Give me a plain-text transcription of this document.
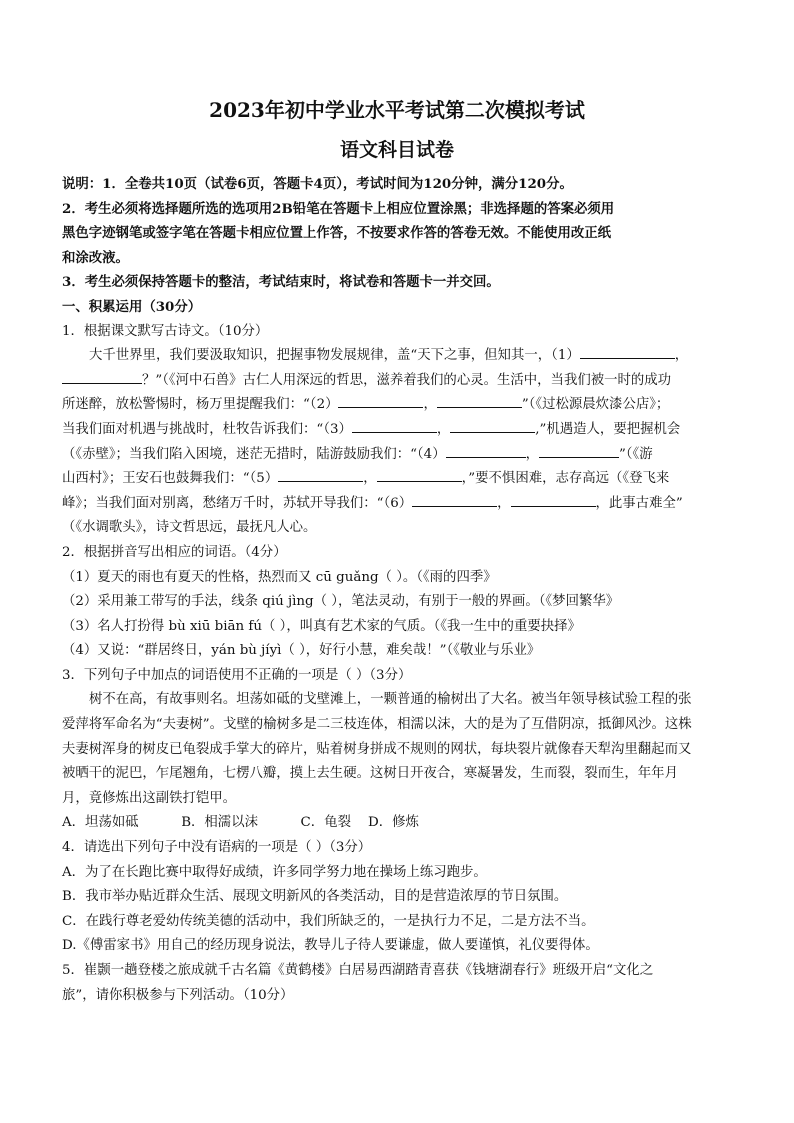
2023年初中学业水平考试第二次模拟考试
语文科目试卷
说明：1．全卷共10页（试卷6页，答题卡4页），考试时间为120分钟，满分120分。
2．考生必须将选择题所选的选项用2B铅笔在答题卡上相应位置涂黑；非选择题的答案必须用
黑色字迹钢笔或签字笔在答题卡相应位置上作答，不按要求作答的答卷无效。不能使用改正纸
和涂改液。
3．考生必须保持答题卡的整洁，考试结束时，将试卷和答题卡一并交回。
一、积累运用（30分）
1．根据课文默写古诗文。（10分）
大千世界里，我们要汲取知识，把握事物发展规律，盖“天下之事，但知其一，（1）	，
？”（《河中石兽》古仁人用深远的哲思，滋养着我们的心灵。生活中，当我们被一时的成功
所迷醉，放松警惕时，杨万里提醒我们：“（2）	，	”（《过松源晨炊漆公店》；
当我们面对机遇与挑战时，杜牧告诉我们：“（3）	，	,”机遇造人，要把握机会
（《赤壁》；当我们陷入困境，迷茫无措时，陆游鼓励我们：“（4）	，	”（《游
山西村》；王安石也鼓舞我们：“（5）	，	，”要不惧困难，志存高远（《登飞来
峰》；当我们面对别离，愁绪万千时，苏轼开导我们：“（6）	，	，此事古难全”
（《水调歌头》，诗文哲思远，最抚凡人心。
2．根据拼音写出相应的词语。（4分）
（1）夏天的雨也有夏天的性格，热烈而又 cū guǎng（ ）。（《雨的四季》
（2）采用兼工带写的手法，线条 qiú jìng（ ），笔法灵动，有别于一般的界画。（《梦回繁华》
（3）名人打扮得 bù xiū biān fú（ ），叫真有艺术家的气质。（《我一生中的重要抉择》
（4）又说：“群居终日，yán bù jíyì（ ），好行小慧，难矣哉！”（《敬业与乐业》
3．下列句子中加点的词语使用不正确的一项是（ ）（3分）
树不在高，有故事则名。坦荡如砥的戈壁滩上，一颗普通的榆树出了大名。被当年领导核试验工程的张
爱萍将军命名为“夫妻树”。戈壁的榆树多是二三枝连体，相濡以沫，大的是为了互借阴凉，抵御风沙。这株
夫妻树浑身的树皮已龟裂成手掌大的碎片，贴着树身拼成不规则的网状，每块裂片就像春天犁沟里翻起而又
被晒干的泥巴，乍尾翘角，七楞八瓣，摸上去生硬。这树日开夜合，寒凝暑发，生而裂，裂而生，年年月
月，竟修炼出这副铁打铠甲。
A．坦荡如砥          B．相濡以沫          C．龟裂    D．修炼
4．请选出下列句子中没有语病的一项是（ ）（3分）
A．为了在长跑比赛中取得好成绩，许多同学努力地在操场上练习跑步。
B．我市举办贴近群众生活、展现文明新风的各类活动，目的是营造浓厚的节日氛围。
C．在践行尊老爱幼传统美德的活动中，我们所缺乏的，一是执行力不足，二是方法不当。
D.《傅雷家书》用自己的经历现身说法，教导儿子待人要谦虚，做人要谨慎，礼仪要得体。
5．崔颢一趟登楼之旅成就千古名篇《黄鹤楼》白居易西湖踏青喜获《钱塘湖春行》班级开启“文化之
旅”，请你积极参与下列活动。（10分）
